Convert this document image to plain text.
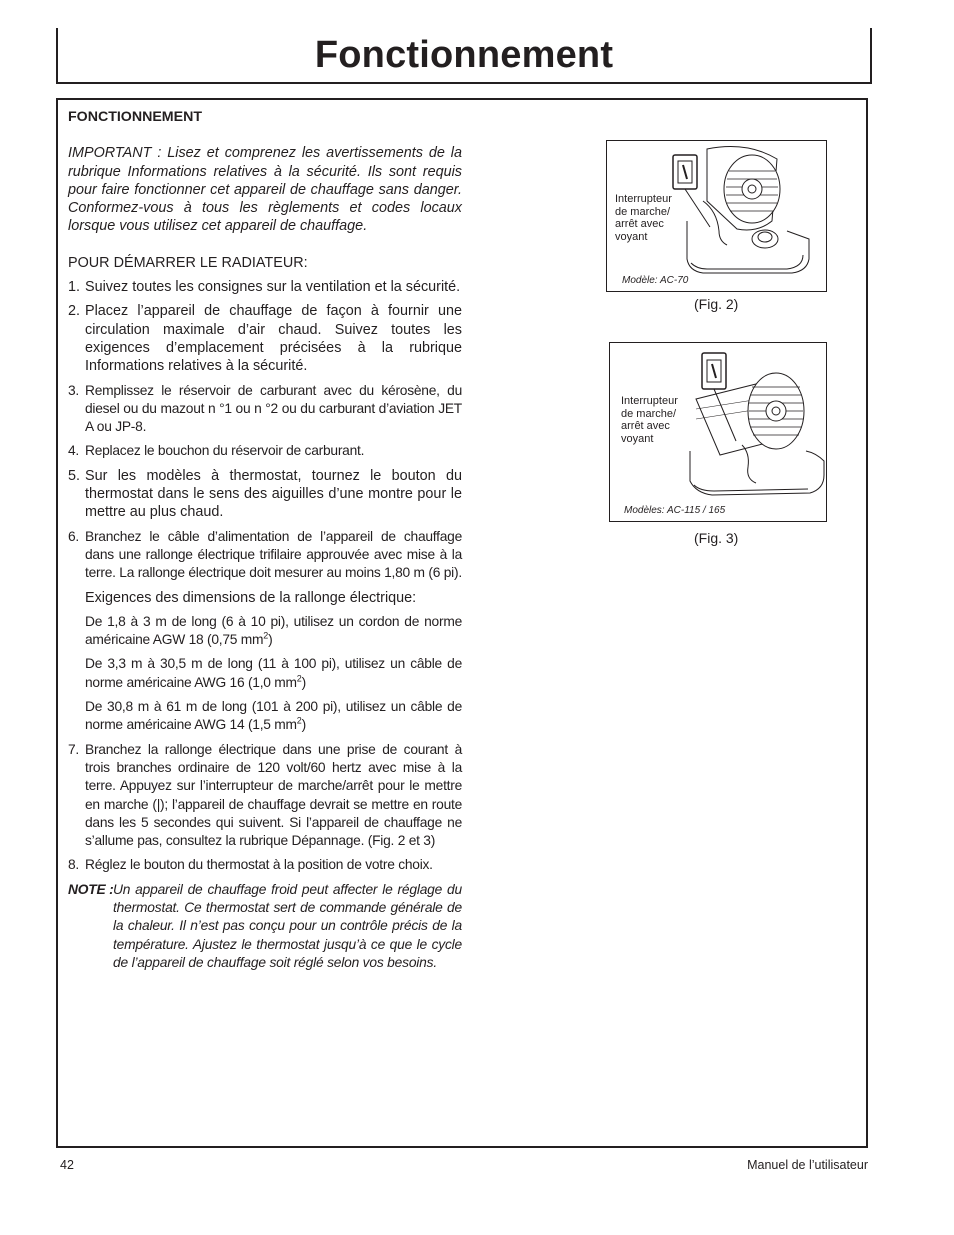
Fonctionnement

FONCTIONNEMENT

IMPORTANT : Lisez et comprenez les avertissements de la rubrique Informations relatives à la sécurité. Ils sont requis pour faire fonctionner cet appareil de chauffage sans danger. Conformez-vous à tous les règlements et codes locaux lorsque vous utilisez cet appareil de chauffage.

POUR DÉMARRER LE RADIATEUR:

1. Suivez toutes les consignes sur la ventilation et la sécurité.
2. Placez l’appareil de chauffage de façon à fournir une circulation maximale d’air chaud. Suivez toutes les exigences d’emplacement précisées à la rubrique Informations relatives à la sécurité.
3. Remplissez le réservoir de carburant avec du kérosène, du diesel ou du mazout n °1 ou n °2 ou du carburant d’aviation JET A ou JP-8.
4. Replacez le bouchon du réservoir de carburant.
5. Sur les modèles à thermostat, tournez le bouton du thermostat dans le sens des aiguilles d’une montre pour le mettre au plus chaud.
6. Branchez le câble d’alimentation de l’appareil de chauffage dans une rallonge électrique trifilaire approuvée avec mise à la terre. La rallonge électrique doit mesurer au moins 1,80 m (6 pi).

Exigences des dimensions de la rallonge électrique:

De 1,8 à 3 m de long (6 à 10 pi), utilisez un cordon de norme américaine AGW 18 (0,75 $mm^2$)

De 3,3 m à 30,5 m de long (11 à 100 pi), utilisez un câble de norme américaine AWG 16 (1,0 $mm^2$)

De 30,8 m à 61 m de long (101 à 200 pi), utilisez un câble de norme américaine AWG 14 (1,5 $mm^2$)

7. Branchez la rallonge électrique dans une prise de courant à trois branches ordinaire de 120 volt/60 hertz avec mise à la terre. Appuyez sur l’interrupteur de marche/arrêt pour le mettre en marche (|); l’appareil de chauffage devrait se mettre en route dans les 5 secondes qui suivent. Si l’appareil de chauffage ne s’allume pas, consultez la rubrique Dépannage. (Fig. 2 et 3)
8. Réglez le bouton du thermostat à la position de votre choix.
NOTE : Un appareil de chauffage froid peut affecter le réglage du thermostat. Ce thermostat sert de commande générale de la chaleur. Il n’est pas conçu pour un contrôle précis de la température. Ajustez le thermostat jusqu’à ce que le cycle de l’appareil de chauffage soit réglé selon vos besoins.
Interrupteur
de marche/
arrêt avec
voyant
Modèle: AC-70
(Fig. 2)
Interrupteur
de marche/
arrêt avec
voyant
Modèles: AC-115 / 165
(Fig. 3)
42	Manuel de l’utilisateur
